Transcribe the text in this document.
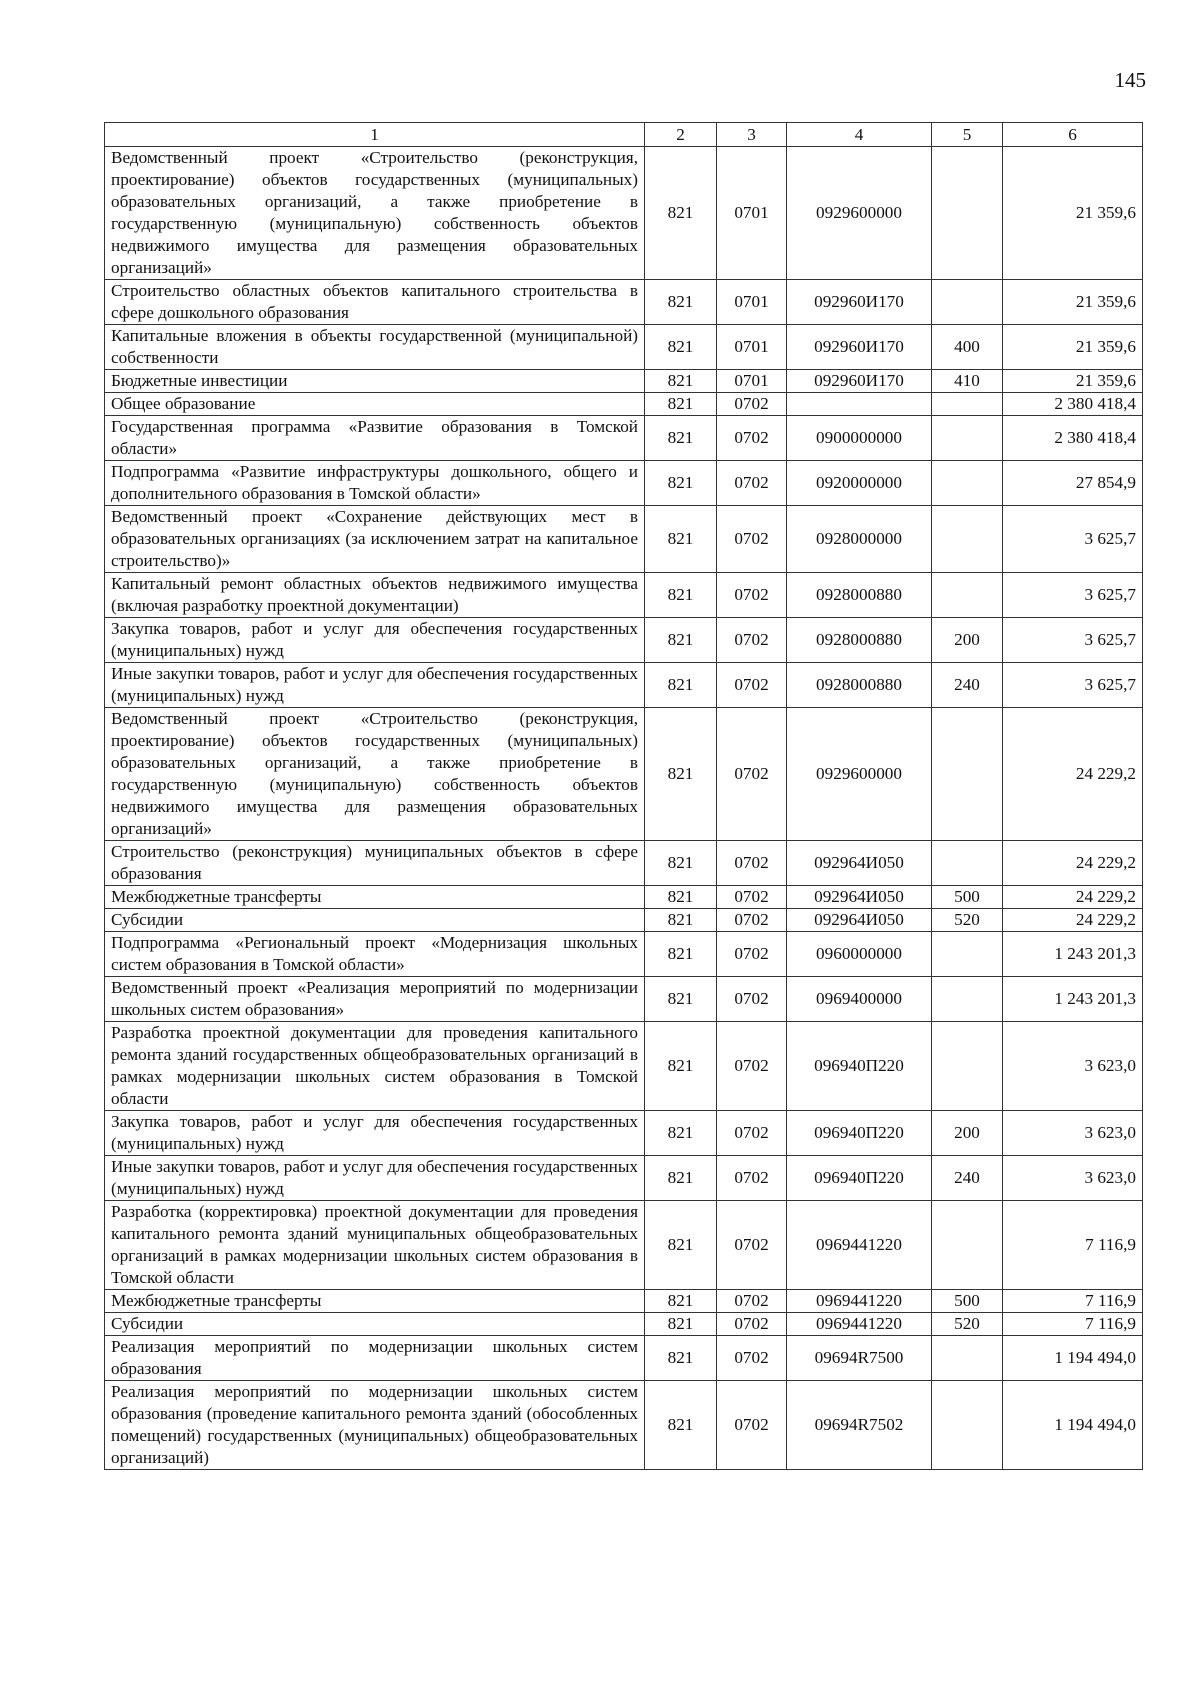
145
1	2	3	4	5	6
Ведомственный проект «Строительство (реконструкция, проектирование) объектов государственных (муниципальных) образовательных организаций, а также приобретение в государственную (муниципальную) собственность объектов недвижимого имущества для размещения образовательных организаций»	821	0701	0929600000		21 359,6
Строительство областных объектов капитального строительства в сфере дошкольного образования	821	0701	092960И170		21 359,6
Капитальные вложения в объекты государственной (муниципальной) собственности	821	0701	092960И170	400	21 359,6
Бюджетные инвестиции	821	0701	092960И170	410	21 359,6
Общее образование	821	0702			2 380 418,4
Государственная программа «Развитие образования в Томской области»	821	0702	0900000000		2 380 418,4
Подпрограмма «Развитие инфраструктуры дошкольного, общего и дополнительного образования в Томской области»	821	0702	0920000000		27 854,9
Ведомственный проект «Сохранение действующих мест в образовательных организациях (за исключением затрат на капитальное строительство)»	821	0702	0928000000		3 625,7
Капитальный ремонт областных объектов недвижимого имущества (включая разработку проектной документации)	821	0702	0928000880		3 625,7
Закупка товаров, работ и услуг для обеспечения государственных (муниципальных) нужд	821	0702	0928000880	200	3 625,7
Иные закупки товаров, работ и услуг для обеспечения государственных (муниципальных) нужд	821	0702	0928000880	240	3 625,7
Ведомственный проект «Строительство (реконструкция, проектирование) объектов государственных (муниципальных) образовательных организаций, а также приобретение в государственную (муниципальную) собственность объектов недвижимого имущества для размещения образовательных организаций»	821	0702	0929600000		24 229,2
Строительство (реконструкция) муниципальных объектов в сфере образования	821	0702	092964И050		24 229,2
Межбюджетные трансферты	821	0702	092964И050	500	24 229,2
Субсидии	821	0702	092964И050	520	24 229,2
Подпрограмма «Региональный проект «Модернизация школьных систем образования в Томской области»	821	0702	0960000000		1 243 201,3
Ведомственный проект «Реализация мероприятий по модернизации школьных систем образования»	821	0702	0969400000		1 243 201,3
Разработка проектной документации для проведения капитального ремонта зданий государственных общеобразовательных организаций в рамках модернизации школьных систем образования в Томской области	821	0702	096940П220		3 623,0
Закупка товаров, работ и услуг для обеспечения государственных (муниципальных) нужд	821	0702	096940П220	200	3 623,0
Иные закупки товаров, работ и услуг для обеспечения государственных (муниципальных) нужд	821	0702	096940П220	240	3 623,0
Разработка (корректировка) проектной документации для проведения капитального ремонта зданий муниципальных общеобразовательных организаций в рамках модернизации школьных систем образования в Томской области	821	0702	0969441220		7 116,9
Межбюджетные трансферты	821	0702	0969441220	500	7 116,9
Субсидии	821	0702	0969441220	520	7 116,9
Реализация мероприятий по модернизации школьных систем образования	821	0702	09694R7500		1 194 494,0
Реализация мероприятий по модернизации школьных систем образования (проведение капитального ремонта зданий (обособленных помещений) государственных (муниципальных) общеобразовательных организаций)	821	0702	09694R7502		1 194 494,0
